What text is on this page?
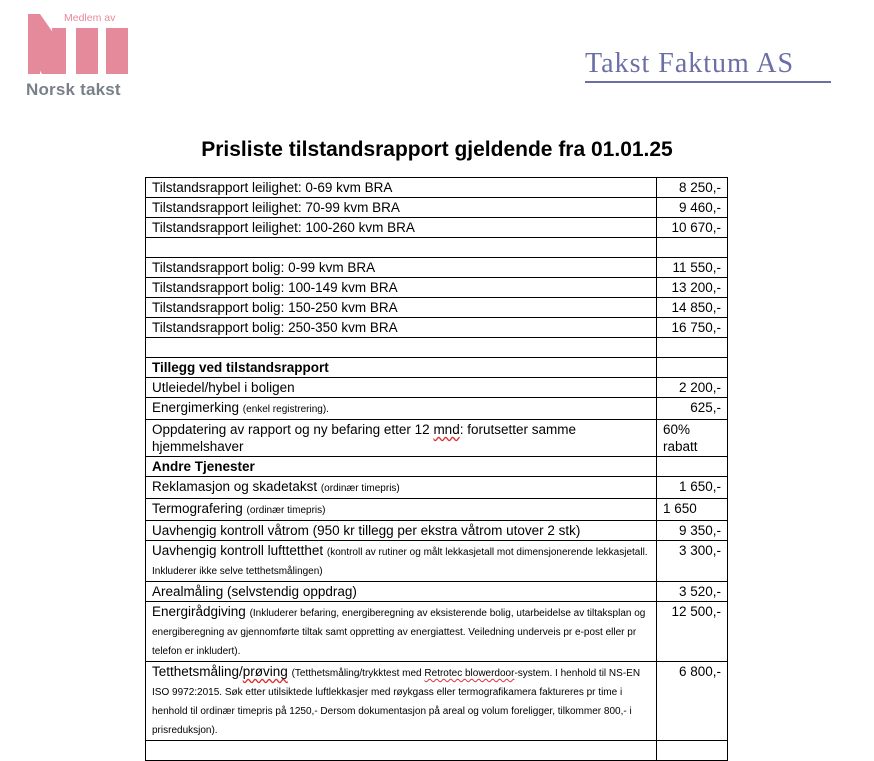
Medlem av
Norsk takst
Takst Faktum AS
Prisliste tilstandsrapport gjeldende fra 01.01.25
Tilstandsrapport leilighet: 0-69 kvm BRA	8 250,-
Tilstandsrapport leilighet: 70-99 kvm BRA	9 460,-
Tilstandsrapport leilighet: 100-260 kvm BRA	10 670,-

Tilstandsrapport bolig: 0-99 kvm BRA	11 550,-
Tilstandsrapport bolig: 100-149 kvm BRA	13 200,-
Tilstandsrapport bolig: 150-250 kvm BRA	14 850,-
Tilstandsrapport bolig: 250-350 kvm BRA	16 750,-

Tillegg ved tilstandsrapport	
Utleiedel/hybel i boligen	2 200,-
Energimerking (enkel registrering).	625,-
Oppdatering av rapport og ny befaring etter 12 mnd: forutsetter samme hjemmelshaver	60% rabatt
Andre Tjenester	
Reklamasjon og skadetakst (ordinær timepris)	1 650,-
Termografering (ordinær timepris)	1 650
Uavhengig kontroll våtrom (950 kr tillegg per ekstra våtrom utover 2 stk)	9 350,-
Uavhengig kontroll lufttetthet (kontroll av rutiner og målt lekkasjetall mot dimensjonerende lekkasjetall. Inkluderer ikke selve tetthetsmålingen)	3 300,-
Arealmåling (selvstendig oppdrag)	3 520,-
Energirådgiving (Inkluderer befaring, energiberegning av eksisterende bolig, utarbeidelse av tiltaksplan og energiberegning av gjennomførte tiltak samt oppretting av energiattest. Veiledning underveis pr e-post eller pr telefon er inkludert).	12 500,-
Tetthetsmåling/prøving (Tetthetsmåling/trykktest med Retrotec blowerdoor-system. I henhold til NS-EN ISO 9972:2015. Søk etter utilsiktede luftlekkasjer med røykgass eller termografikamera faktureres pr time i henhold til ordinær timepris på 1250,- Dersom dokumentasjon på areal og volum foreligger, tilkommer 800,- i prisreduksjon).	6 800,-
